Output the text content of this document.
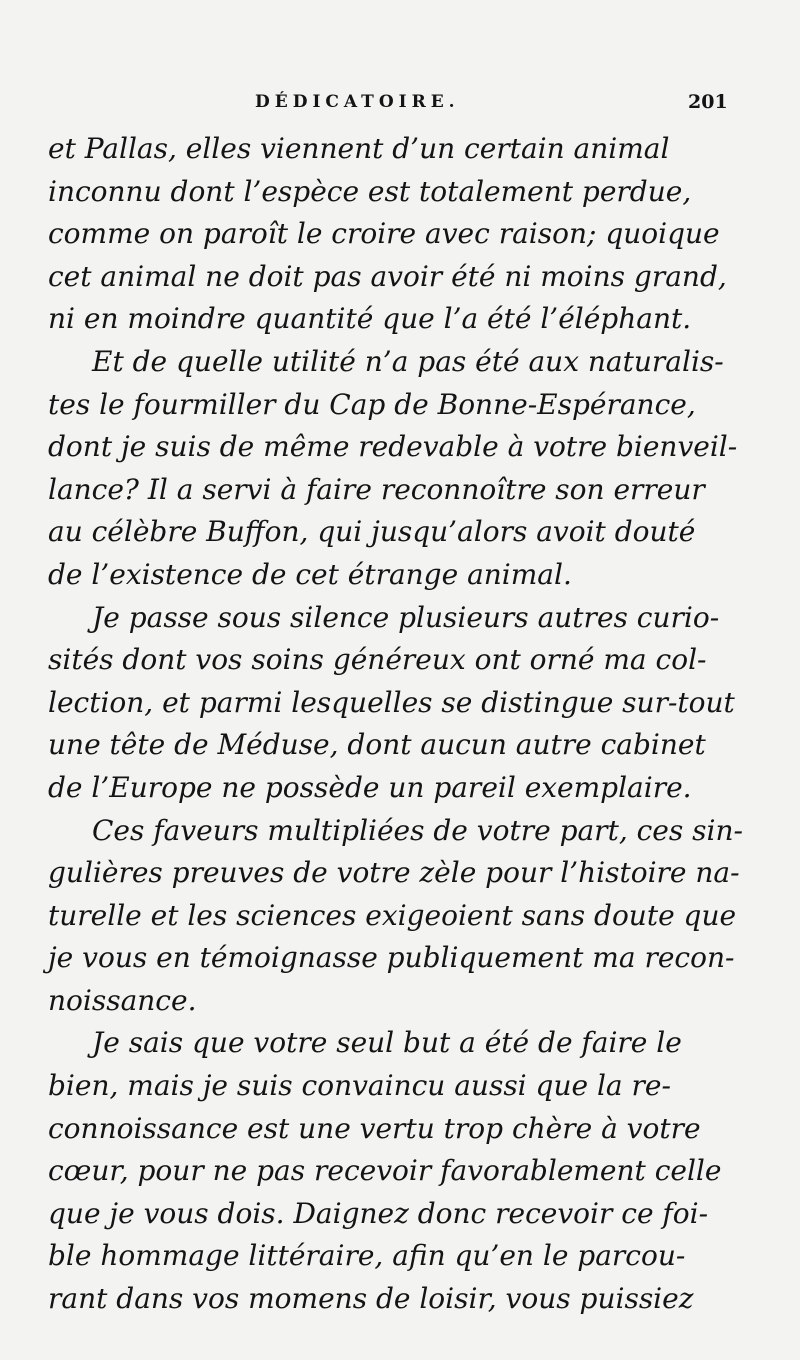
DÉDICATOIRE.	201
et Pallas, elles viennent d’un certain animal
inconnu dont l’espèce est totalement perdue,
comme on paroît le croire avec raison; quoique
cet animal ne doit pas avoir été ni moins grand,
ni en moindre quantité que l’a été l’éléphant.
Et de quelle utilité n’a pas été aux naturalis-
tes le fourmiller du Cap de Bonne-Espérance,
dont je suis de même redevable à votre bienveil-
lance? Il a servi à faire reconnoître son erreur
au célèbre Buffon, qui jusqu’alors avoit douté
de l’existence de cet étrange animal.
Je passe sous silence plusieurs autres curio-
sités dont vos soins généreux ont orné ma col-
lection, et parmi lesquelles se distingue sur-tout
une tête de Méduse, dont aucun autre cabinet
de l’Europe ne possède un pareil exemplaire.
Ces faveurs multipliées de votre part, ces sin-
gulières preuves de votre zèle pour l’histoire na-
turelle et les sciences exigeoient sans doute que
je vous en témoignasse publiquement ma recon-
noissance.
Je sais que votre seul but a été de faire le
bien, mais je suis convaincu aussi que la re-
connoissance est une vertu trop chère à votre
cœur, pour ne pas recevoir favorablement celle
que je vous dois. Daignez donc recevoir ce foi-
ble hommage littéraire, afin qu’en le parcou-
rant dans vos momens de loisir, vous puissiez
